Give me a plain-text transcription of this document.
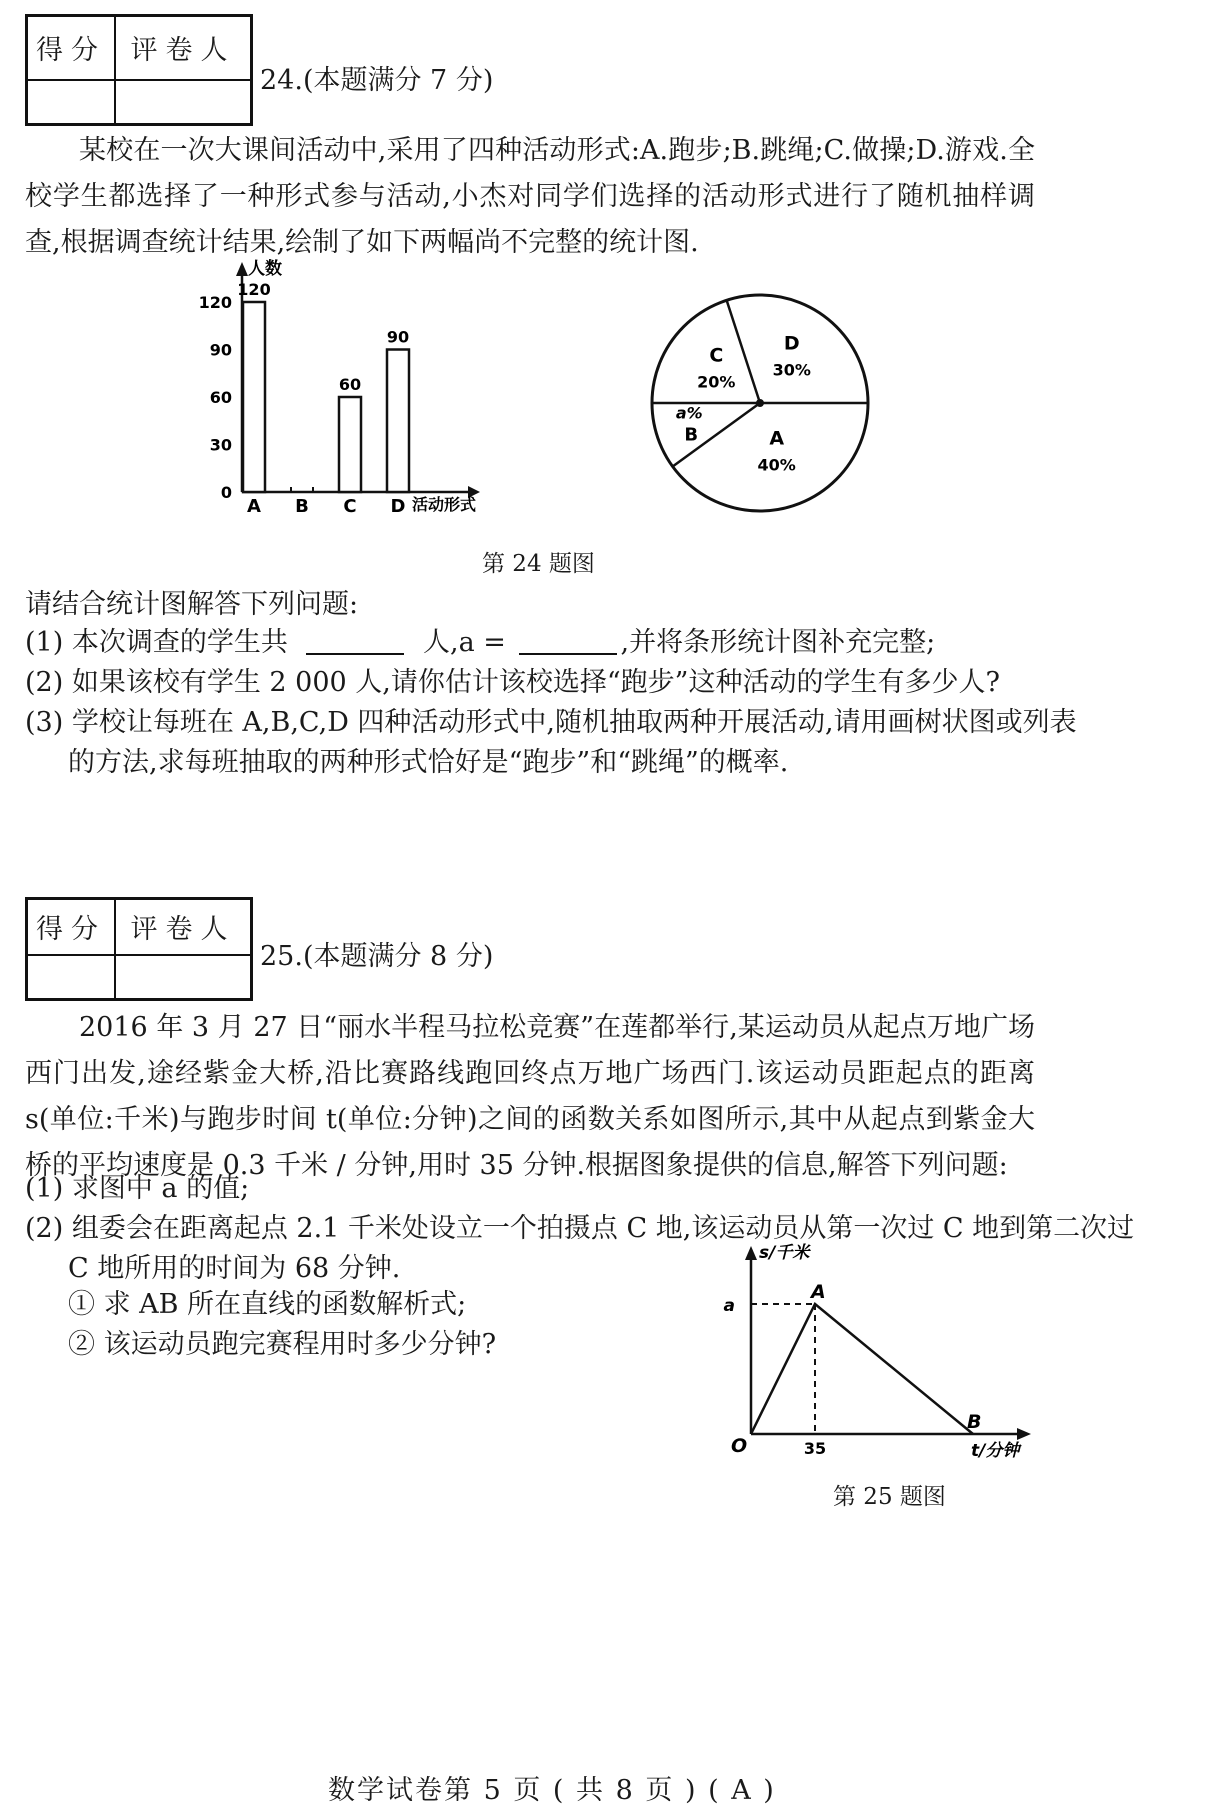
得分	评卷人

24.(本题满分 7 分)
某校在一次大课间活动中,采用了四种活动形式:A.跑步;B.跳绳;C.做操;D.游戏.全校学生都选择了一种形式参与活动,小杰对同学们选择的活动形式进行了随机抽样调查,根据调查统计结果,绘制了如下两幅尚不完整的统计图.
人数
活动形式
0
30
60
90
120
A
120
B C
60
D
90	D
30%
A
40%
a%
B
C
20%
第 24 题图
请结合统计图解答下列问题:
(1) 本次调查的学生共	人,a =	,并将条形统计图补充完整;
(2) 如果该校有学生 2 000 人,请你估计该校选择“跑步”这种活动的学生有多少人?
(3) 学校让每班在 A,B,C,D 四种活动形式中,随机抽取两种开展活动,请用画树状图或列表
的方法,求每班抽取的两种形式恰好是“跑步”和“跳绳”的概率.
得分	评卷人

25.(本题满分 8 分)
2016 年 3 月 27 日“丽水半程马拉松竞赛”在莲都举行,某运动员从起点万地广场西门出发,途经紫金大桥,沿比赛路线跑回终点万地广场西门.该运动员距起点的距离 s(单位:千米)与跑步时间 t(单位:分钟)之间的函数关系如图所示,其中从起点到紫金大桥的平均速度是 0.3 千米 / 分钟,用时 35 分钟.根据图象提供的信息,解答下列问题:
(1) 求图中 a 的值;
(2) 组委会在距离起点 2.1 千米处设立一个拍摄点 C 地,该运动员从第一次过 C 地到第二次过
C 地所用的时间为 68 分钟.
② 该运动员跑完赛程用时多少分钟?
① 求 AB 所在直线的函数解析式;
s/千米
t/分钟
a
35
A
B
O
第 25 题图
数学试卷第 5 页 ( 共 8 页 ) ( A )
